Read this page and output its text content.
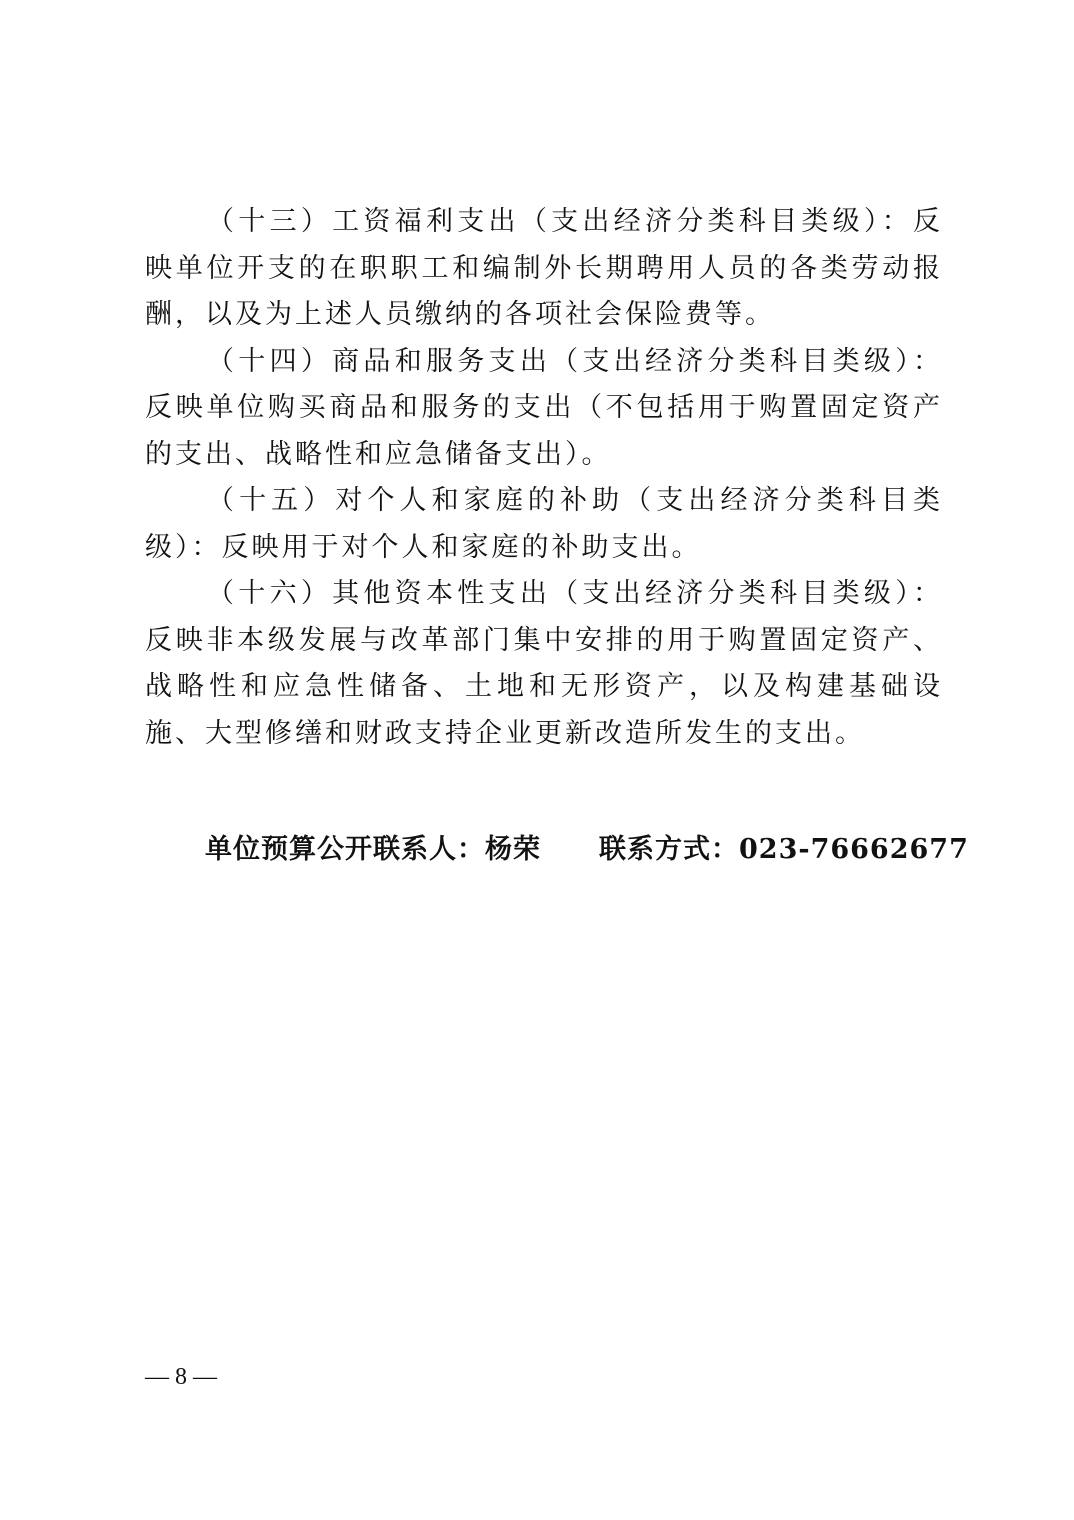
（十三）工资福利支出（支出经济分类科目类级）：反映单位开支的在职职工和编制外长期聘用人员的各类劳动报酬，以及为上述人员缴纳的各项社会保险费等。

（十四）商品和服务支出（支出经济分类科目类级）：反映单位购买商品和服务的支出（不包括用于购置固定资产的支出、战略性和应急储备支出）。

（十五）对个人和家庭的补助（支出经济分类科目类级）：反映用于对个人和家庭的补助支出。

（十六）其他资本性支出（支出经济分类科目类级）：反映非本级发展与改革部门集中安排的用于购置固定资产、战略性和应急性储备、土地和无形资产，以及构建基础设施、大型修缮和财政支持企业更新改造所发生的支出。

单位预算公开联系人：杨荣 联系方式：023-76662677
— 8 —
